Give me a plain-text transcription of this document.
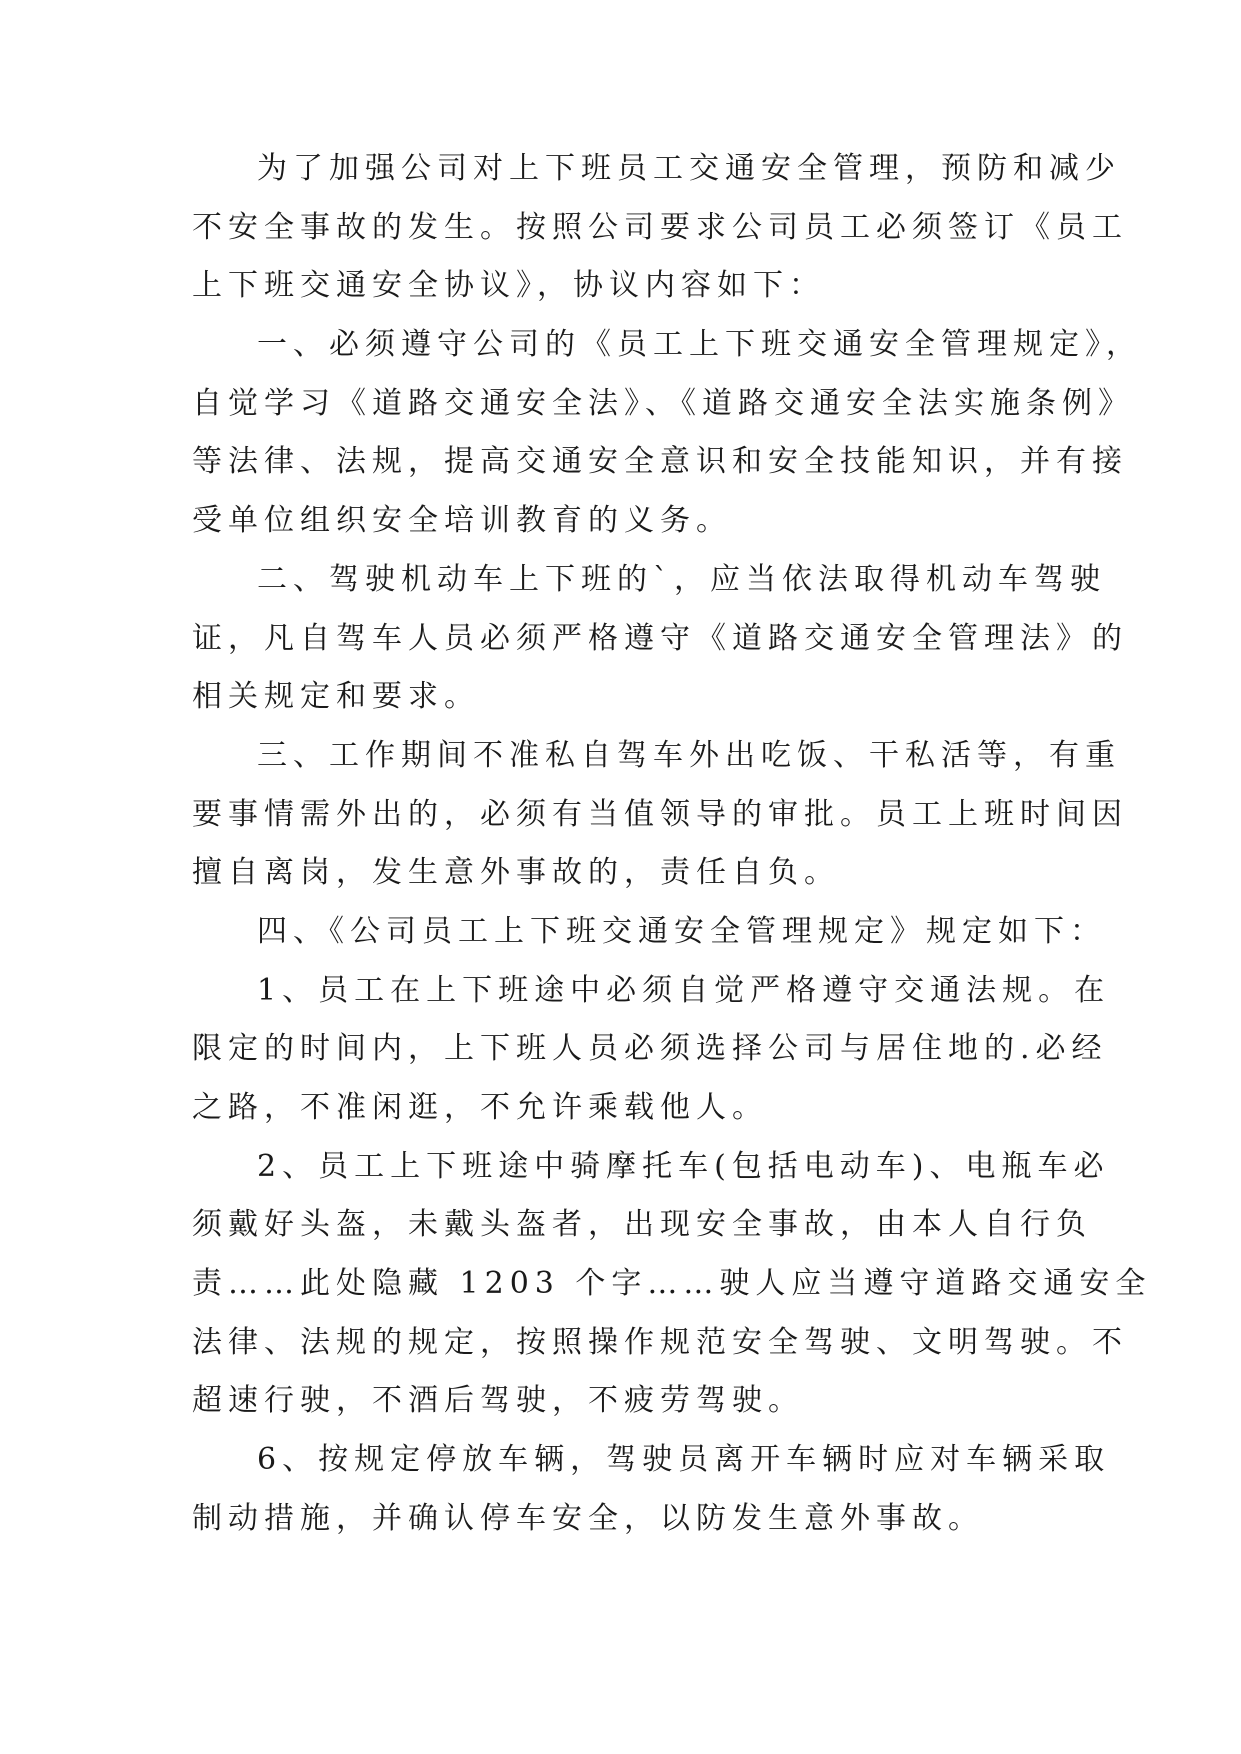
为了加强公司对上下班员工交通安全管理，预防和减少
不安全事故的发生。按照公司要求公司员工必须签订《员工
上下班交通安全协议》，协议内容如下：
一、必须遵守公司的《员工上下班交通安全管理规定》，
自觉学习《道路交通安全法》、《道路交通安全法实施条例》
等法律、法规，提高交通安全意识和安全技能知识，并有接
受单位组织安全培训教育的义务。
二、驾驶机动车上下班的`，应当依法取得机动车驾驶
证，凡自驾车人员必须严格遵守《道路交通安全管理法》的
相关规定和要求。
三、工作期间不准私自驾车外出吃饭、干私活等，有重
要事情需外出的，必须有当值领导的审批。员工上班时间因
擅自离岗，发生意外事故的，责任自负。
四、《公司员工上下班交通安全管理规定》规定如下：
1、员工在上下班途中必须自觉严格遵守交通法规。在
限定的时间内，上下班人员必须选择公司与居住地的.必经
之路，不准闲逛，不允许乘载他人。
2、员工上下班途中骑摩托车(包括电动车)、电瓶车必
须戴好头盔，未戴头盔者，出现安全事故，由本人自行负
责……此处隐藏 1203 个字……驶人应当遵守道路交通安全
法律、法规的规定，按照操作规范安全驾驶、文明驾驶。不
超速行驶，不酒后驾驶，不疲劳驾驶。
6、按规定停放车辆，驾驶员离开车辆时应对车辆采取
制动措施，并确认停车安全，以防发生意外事故。
